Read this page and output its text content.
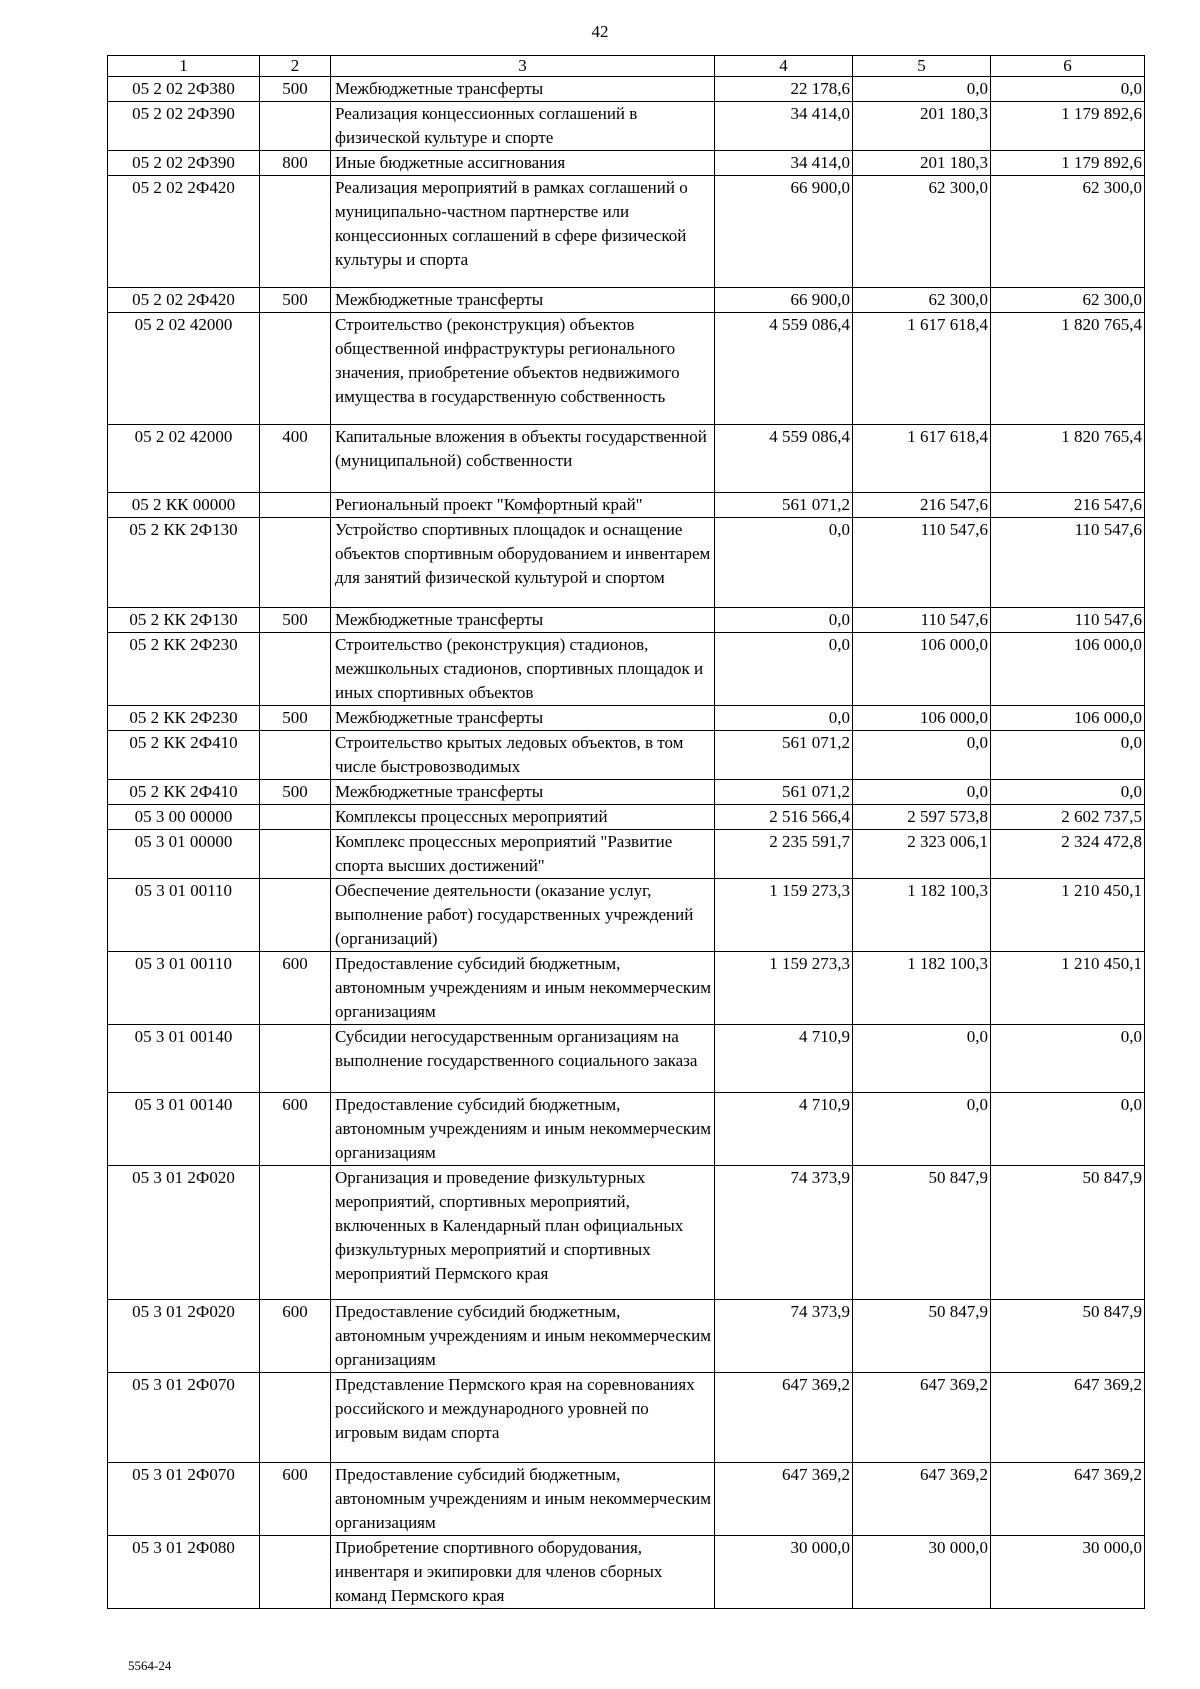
42
1	2	3	4	5	6
05 2 02 2Ф380	500	Межбюджетные трансферты	22 178,6	0,0	0,0
05 2 02 2Ф390		Реализация концессионных соглашений в физической культуре и спорте	34 414,0	201 180,3	1 179 892,6
05 2 02 2Ф390	800	Иные бюджетные ассигнования	34 414,0	201 180,3	1 179 892,6
05 2 02 2Ф420		Реализация мероприятий в рамках соглашений о муниципально-частном партнерстве или концессионных соглашений в сфере физической культуры и спорта	66 900,0	62 300,0	62 300,0
05 2 02 2Ф420	500	Межбюджетные трансферты	66 900,0	62 300,0	62 300,0
05 2 02 42000		Строительство (реконструкция) объектов общественной инфраструктуры регионального значения, приобретение объектов недвижимого имущества в государственную собственность	4 559 086,4	1 617 618,4	1 820 765,4
05 2 02 42000	400	Капитальные вложения в объекты государственной (муниципальной) собственности	4 559 086,4	1 617 618,4	1 820 765,4
05 2 КК 00000		Региональный проект "Комфортный край"	561 071,2	216 547,6	216 547,6
05 2 КК 2Ф130		Устройство спортивных площадок и оснащение объектов спортивным оборудованием и инвентарем для занятий физической культурой и спортом	0,0	110 547,6	110 547,6
05 2 КК 2Ф130	500	Межбюджетные трансферты	0,0	110 547,6	110 547,6
05 2 КК 2Ф230		Строительство (реконструкция) стадионов, межшкольных стадионов, спортивных площадок и иных спортивных объектов	0,0	106 000,0	106 000,0
05 2 КК 2Ф230	500	Межбюджетные трансферты	0,0	106 000,0	106 000,0
05 2 КК 2Ф410		Строительство крытых ледовых объектов, в том числе быстровозводимых	561 071,2	0,0	0,0
05 2 КК 2Ф410	500	Межбюджетные трансферты	561 071,2	0,0	0,0
05 3 00 00000		Комплексы процессных мероприятий	2 516 566,4	2 597 573,8	2 602 737,5
05 3 01 00000		Комплекс процессных мероприятий "Развитие спорта высших достижений"	2 235 591,7	2 323 006,1	2 324 472,8
05 3 01 00110		Обеспечение деятельности (оказание услуг, выполнение работ) государственных учреждений (организаций)	1 159 273,3	1 182 100,3	1 210 450,1
05 3 01 00110	600	Предоставление субсидий бюджетным, автономным учреждениям и иным некоммерческим организациям	1 159 273,3	1 182 100,3	1 210 450,1
05 3 01 00140		Субсидии негосударственным организациям на выполнение государственного социального заказа	4 710,9	0,0	0,0
05 3 01 00140	600	Предоставление субсидий бюджетным, автономным учреждениям и иным некоммерческим организациям	4 710,9	0,0	0,0
05 3 01 2Ф020		Организация и проведение физкультурных мероприятий, спортивных мероприятий, включенных в Календарный план официальных физкультурных мероприятий и спортивных мероприятий Пермского края	74 373,9	50 847,9	50 847,9
05 3 01 2Ф020	600	Предоставление субсидий бюджетным, автономным учреждениям и иным некоммерческим организациям	74 373,9	50 847,9	50 847,9
05 3 01 2Ф070		Представление Пермского края на соревнованиях российского и международного уровней по игровым видам спорта	647 369,2	647 369,2	647 369,2
05 3 01 2Ф070	600	Предоставление субсидий бюджетным, автономным учреждениям и иным некоммерческим организациям	647 369,2	647 369,2	647 369,2
05 3 01 2Ф080		Приобретение спортивного оборудования, инвентаря и экипировки для членов сборных команд Пермского края	30 000,0	30 000,0	30 000,0
5564-24
